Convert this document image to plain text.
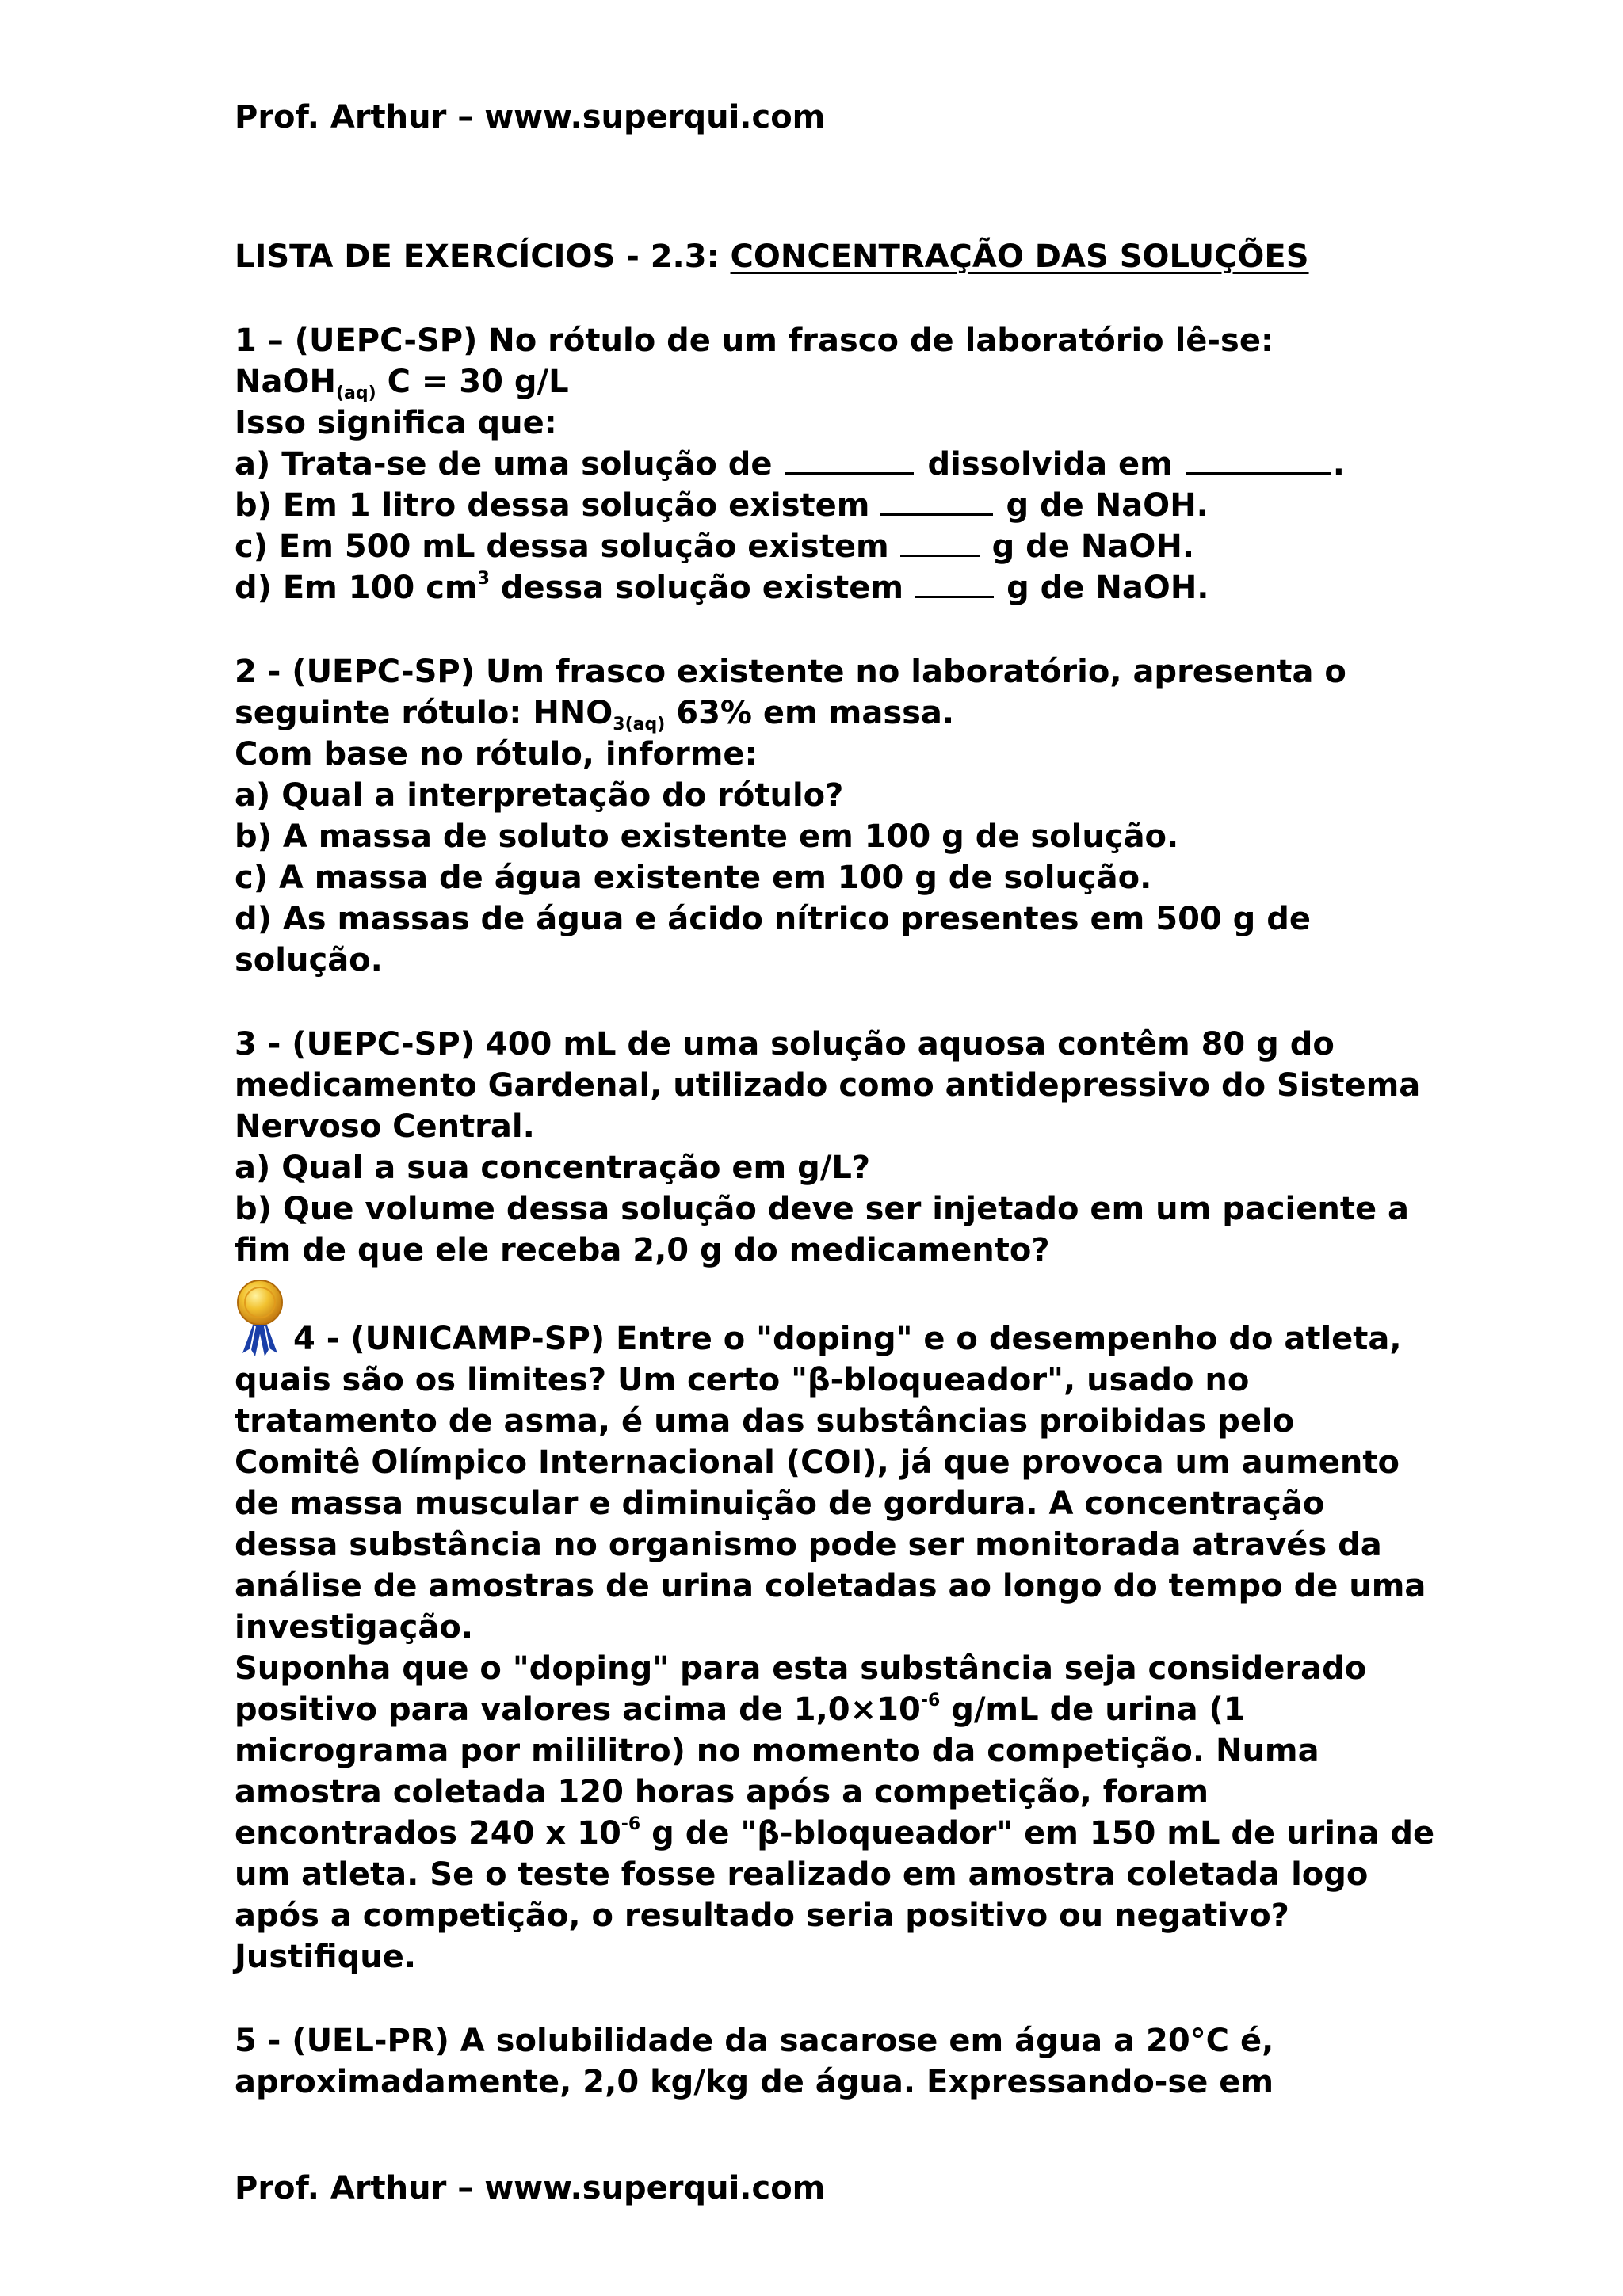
Prof. Arthur – www.superqui.com
LISTA DE EXERCÍCIOS - 2.3: CONCENTRAÇÃO DAS SOLUÇÕES
1 – (UEPC-SP) No rótulo de um frasco de laboratório lê-se:
NaOH$_{(aq)}$ C = 30 g/L
Isso significa que:
a) Trata-se de uma solução de	dissolvida em	.
b) Em 1 litro dessa solução existem	g de NaOH.
c) Em 500 mL dessa solução existem	g de NaOH.
d) Em 100 $cm^3$ dessa solução existem	g de NaOH.
2 - (UEPC-SP) Um frasco existente no laboratório, apresenta o
seguinte rótulo: $HNO_{3(aq)}$ 63% em massa.
Com base no rótulo, informe:
a) Qual a interpretação do rótulo?
b) A massa de soluto existente em 100 g de solução.
c) A massa de água existente em 100 g de solução.
d) As massas de água e ácido nítrico presentes em 500 g de
solução.
3 - (UEPC-SP) 400 mL de uma solução aquosa contêm 80 g do
medicamento Gardenal, utilizado como antidepressivo do Sistema
Nervoso Central.
a) Qual a sua concentração em g/L?
b) Que volume dessa solução deve ser injetado em um paciente a
fim de que ele receba 2,0 g do medicamento?
4 - (UNICAMP-SP) Entre o "doping" e o desempenho do atleta,
quais são os limites? Um certo "β-bloqueador", usado no
tratamento de asma, é uma das substâncias proibidas pelo
Comitê Olímpico Internacional (COI), já que provoca um aumento
de massa muscular e diminuição de gordura. A concentração
dessa substância no organismo pode ser monitorada através da
análise de amostras de urina coletadas ao longo do tempo de uma
investigação.
Suponha que o "doping" para esta substância seja considerado
positivo para valores acima de $1,0\times 10^{-6}$ g/mL de urina (1
micrograma por mililitro) no momento da competição. Numa
amostra coletada 120 horas após a competição, foram
encontrados 240 x $10^{-6}$ g de "β-bloqueador" em 150 mL de urina de
um atleta. Se o teste fosse realizado em amostra coletada logo
após a competição, o resultado seria positivo ou negativo?
Justifique.
5 - (UEL-PR) A solubilidade da sacarose em água a 20°C é,
aproximadamente, 2,0 kg/kg de água. Expressando-se em
Prof. Arthur – www.superqui.com
